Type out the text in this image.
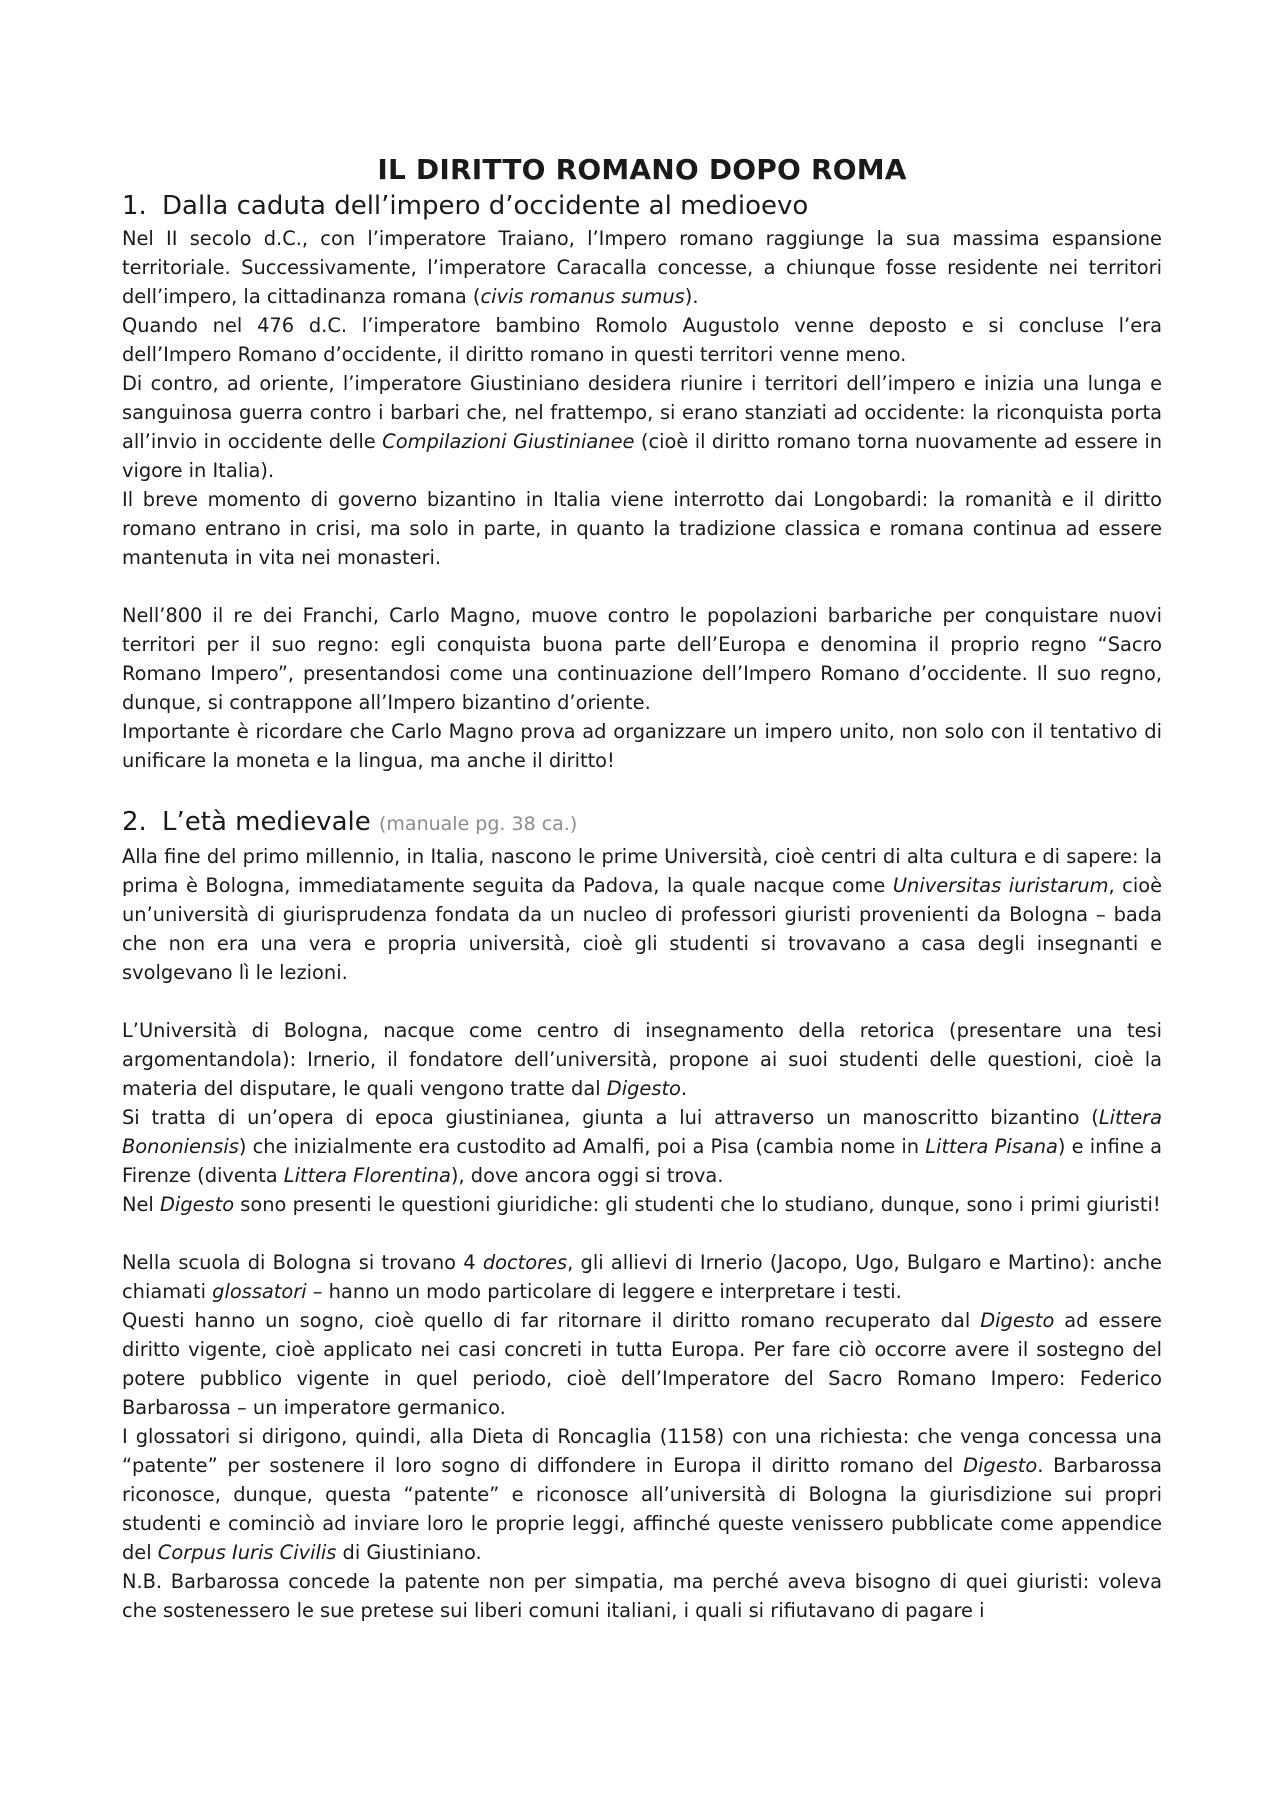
IL DIRITTO ROMANO DOPO ROMA
1. Dalla caduta dell’impero d’occidente al medioevo

Nel II secolo d.C., con l’imperatore Traiano, l’Impero romano raggiunge la sua massima espansione territoriale. Successivamente, l’imperatore Caracalla concesse, a chiunque fosse residente nei territori dell’impero, la cittadinanza romana (civis romanus sumus).

Quando nel 476 d.C. l’imperatore bambino Romolo Augustolo venne deposto e si concluse l’era dell’Impero Romano d’occidente, il diritto romano in questi territori venne meno.

Di contro, ad oriente, l’imperatore Giustiniano desidera riunire i territori dell’impero e inizia una lunga e sanguinosa guerra contro i barbari che, nel frattempo, si erano stanziati ad occidente: la riconquista porta all’invio in occidente delle Compilazioni Giustinianee (cioè il diritto romano torna nuovamente ad essere in vigore in Italia).

Il breve momento di governo bizantino in Italia viene interrotto dai Longobardi: la romanità e il diritto romano entrano in crisi, ma solo in parte, in quanto la tradizione classica e romana continua ad essere mantenuta in vita nei monasteri.

Nell’800 il re dei Franchi, Carlo Magno, muove contro le popolazioni barbariche per conquistare nuovi territori per il suo regno: egli conquista buona parte dell’Europa e denomina il proprio regno “Sacro Romano Impero”, presentandosi come una continuazione dell’Impero Romano d’occidente. Il suo regno, dunque, si contrappone all’Impero bizantino d’oriente.

Importante è ricordare che Carlo Magno prova ad organizzare un impero unito, non solo con il tentativo di unificare la moneta e la lingua, ma anche il diritto!

2. L’età medievale (manuale pg. 38 ca.)

Alla fine del primo millennio, in Italia, nascono le prime Università, cioè centri di alta cultura e di sapere: la prima è Bologna, immediatamente seguita da Padova, la quale nacque come Universitas iuristarum, cioè un’università di giurisprudenza fondata da un nucleo di professori giuristi provenienti da Bologna – bada che non era una vera e propria università, cioè gli studenti si trovavano a casa degli insegnanti e svolgevano lì le lezioni.

L’Università di Bologna, nacque come centro di insegnamento della retorica (presentare una tesi argomentandola): Irnerio, il fondatore dell’università, propone ai suoi studenti delle questioni, cioè la materia del disputare, le quali vengono tratte dal Digesto.

Si tratta di un’opera di epoca giustinianea, giunta a lui attraverso un manoscritto bizantino (Littera Bononiensis) che inizialmente era custodito ad Amalfi, poi a Pisa (cambia nome in Littera Pisana) e infine a Firenze (diventa Littera Florentina), dove ancora oggi si trova.

Nel Digesto sono presenti le questioni giuridiche: gli studenti che lo studiano, dunque, sono i primi giuristi!

Nella scuola di Bologna si trovano 4 doctores, gli allievi di Irnerio (Jacopo, Ugo, Bulgaro e Martino): anche chiamati glossatori – hanno un modo particolare di leggere e interpretare i testi.

Questi hanno un sogno, cioè quello di far ritornare il diritto romano recuperato dal Digesto ad essere diritto vigente, cioè applicato nei casi concreti in tutta Europa. Per fare ciò occorre avere il sostegno del potere pubblico vigente in quel periodo, cioè dell’Imperatore del Sacro Romano Impero: Federico Barbarossa – un imperatore germanico.

I glossatori si dirigono, quindi, alla Dieta di Roncaglia (1158) con una richiesta: che venga concessa una “patente” per sostenere il loro sogno di diffondere in Europa il diritto romano del Digesto. Barbarossa riconosce, dunque, questa “patente” e riconosce all’università di Bologna la giurisdizione sui propri studenti e cominciò ad inviare loro le proprie leggi, affinché queste venissero pubblicate come appendice del Corpus Iuris Civilis di Giustiniano.

N.B. Barbarossa concede la patente non per simpatia, ma perché aveva bisogno di quei giuristi: voleva che sostenessero le sue pretese sui liberi comuni italiani, i quali si rifiutavano di pagare i
